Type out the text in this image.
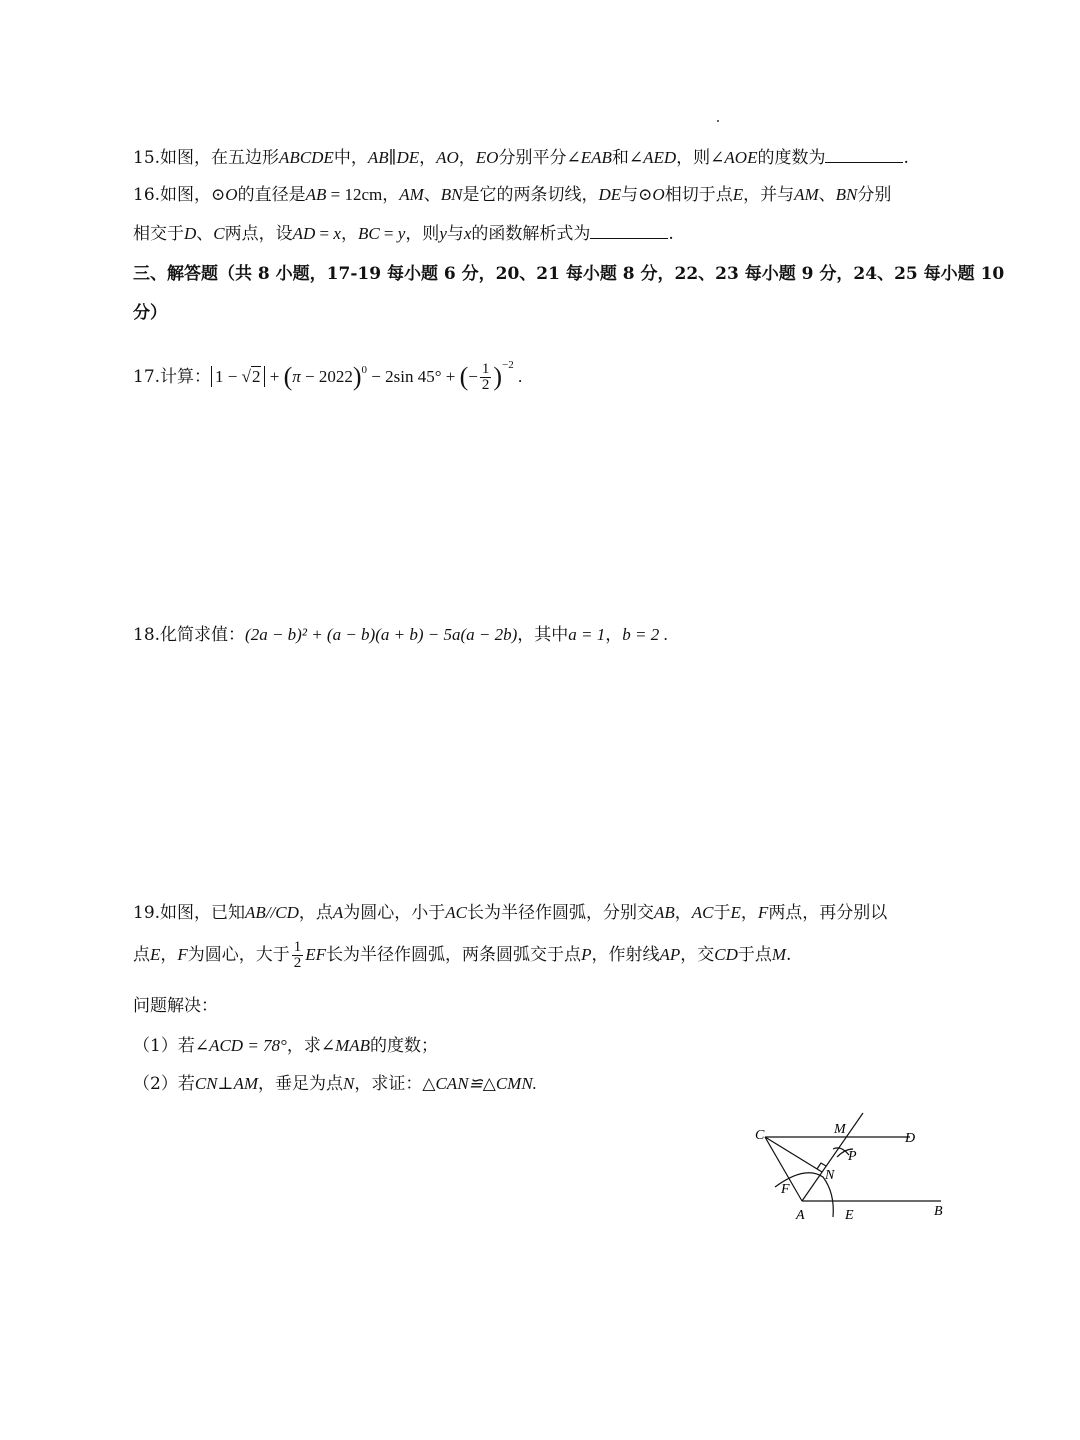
15.如图，在五边形ABCDE中，AB∥DE，AO，EO分别平分∠EAB和∠AED，则∠AOE的度数为	.
16.如图，⊙O的直径是AB = 12cm，AM、BN是它的两条切线，DE与⊙O相切于点E，并与AM、BN分别
相交于D、C两点，设AD = x，BC = y，则y与x的函数解析式为	.
三、解答题（共 8 小题，17-19 每小题 6 分，20、21 每小题 8 分，22、23 每小题 9 分，24、25 每小题 10
分）
17.计算： $1 - √2 + (\pi - 2022)^0 - 2\sin$ 45° + (− $\frac{1}{2} )^{-2}$ .
18.化简求值：(2a − b)² + (a − b)(a + b) − 5a(a − 2b)，其中a = 1，b = 2 .
19.如图，已知AB//CD，点A为圆心，小于AC长为半径作圆弧，分别交AB，AC于E，F两点，再分别以
点E，F为圆心，大于 $\frac{1}{2}$ EF长为半径作圆弧，两条圆弧交于点P，作射线AP，交CD于点M.
问题解决：
（1）若∠ACD = 78°，求∠MAB的度数；
（2）若CN⊥AM，垂足为点N，求证：△CAN≌△CMN.
C	M
D
P
N
F
A	E	B
